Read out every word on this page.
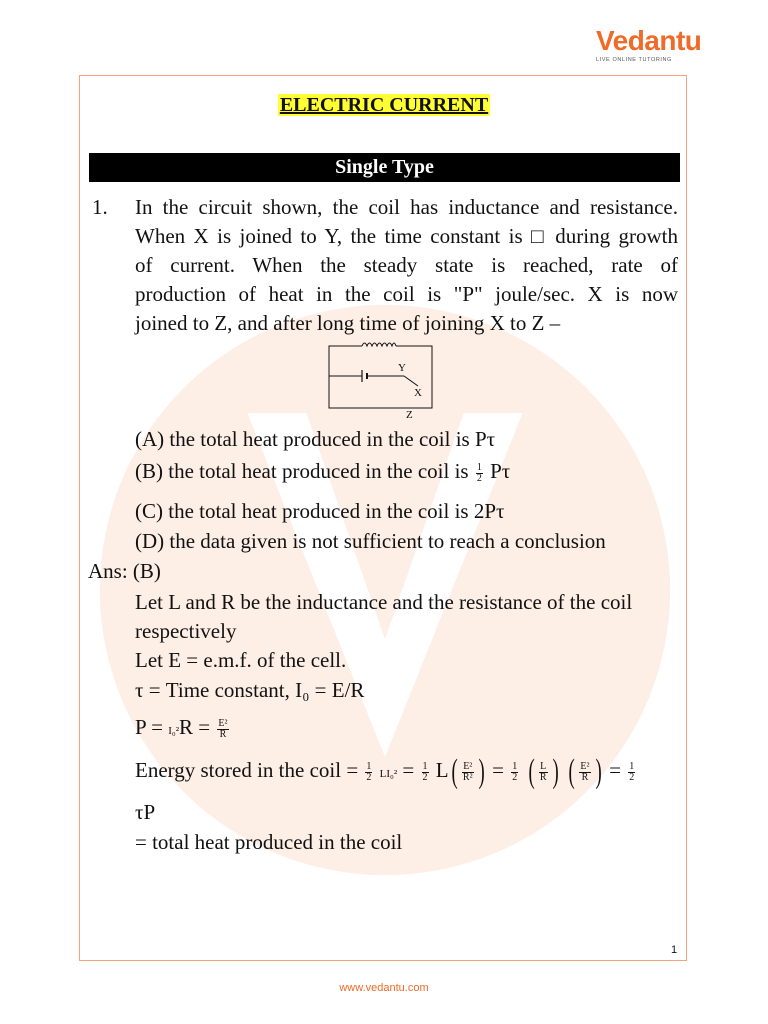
Vedantu
LIVE ONLINE TUTORING
ELECTRIC CURRENT
Single Type
1. In the circuit shown, the coil has inductance and resistance.
When X is joined to Y, the time constant is □ during growth
of current. When the steady state is reached, rate of
production of heat in the coil is "P" joule/sec. X is now
joined to Z, and after long time of joining X to Z –
Y
X
Z
(A) the total heat produced in the coil is Pτ
(B) the total heat produced in the coil is $\frac{1}{2}$ Pτ
(C) the total heat produced in the coil is 2Pτ
(D) the data given is not sufficient to reach a conclusion
Ans: (B)
Let L and R be the inductance and the resistance of the coil
respectively
Let E = e.m.f. of the cell.
τ = Time constant, I₀ = E/R
$P = I_0^2R = \frac{\text{E²}}{R}$
Energy stored in the coil = $\frac{1}{2} LI_0^2 = \frac{1}{2} L( \frac{\text{E²}}{\text{R²}}$ ) = $\frac{1}{2}$ ( $\frac{L}{R}$ ) ( $\frac{\text{E²}}{R}$ ) = $\frac{1}{2}$
τP
= total heat produced in the coil
1
www.vedantu.com
